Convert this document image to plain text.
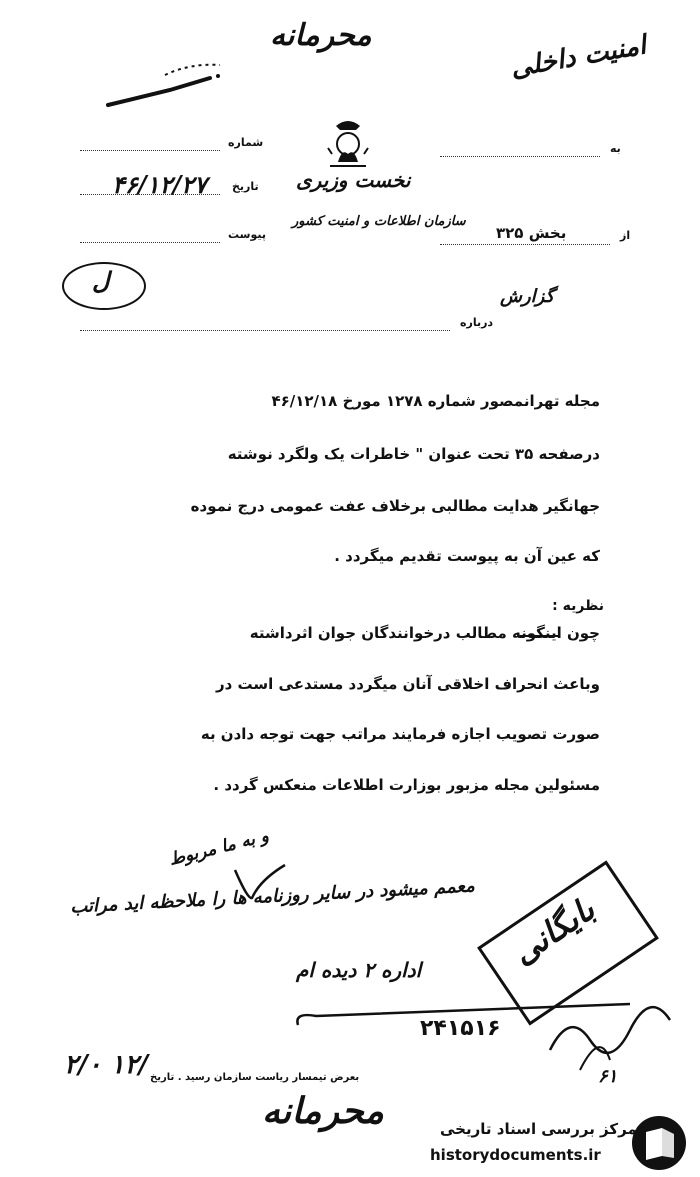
محرمانه	امنیت داخلی
شماره
تاریخ
۴۶/۱۲/۲۷
پیوست
به
نخست وزیری
سازمان اطلاعات و امنیت کشور
از
بخش ۳۲۵
ل
گزارش
درباره
مجله تهرانمصور شماره ۱۲۷۸ مورخ ۴۶/۱۲/۱۸
درصفحه ۳۵ تحت عنوان " خاطرات یک ولگرد نوشته
جهانگیر هدایت مطالبی برخلاف عفت عمومی درج نموده
که عین آن به پیوست تقدیم میگردد .
نظریه :
چون اینگونه مطالب درخوانندگان جوان اثرداشته
وباعث انحراف اخلاقی آنان میگردد مستدعی است در
صورت تصویب اجازه فرمایند مراتب جهت توجه دادن به
مسئولین مجله مزبور بوزارت اطلاعات منعکس گردد .
و به ما مربوط
معمم میشود در سایر روزنامه ها را ملاحظه اید مراتب
اداره ۲ دیده ام	بایگانی
۲۴۱۵۱۶
۶۱
بعرض تیمسار ریاست سازمان رسید . تاریخ
۲/۰ ۱۲/
محرمانه	مرکز بررسی اسناد تاریخی
historydocuments.ir
